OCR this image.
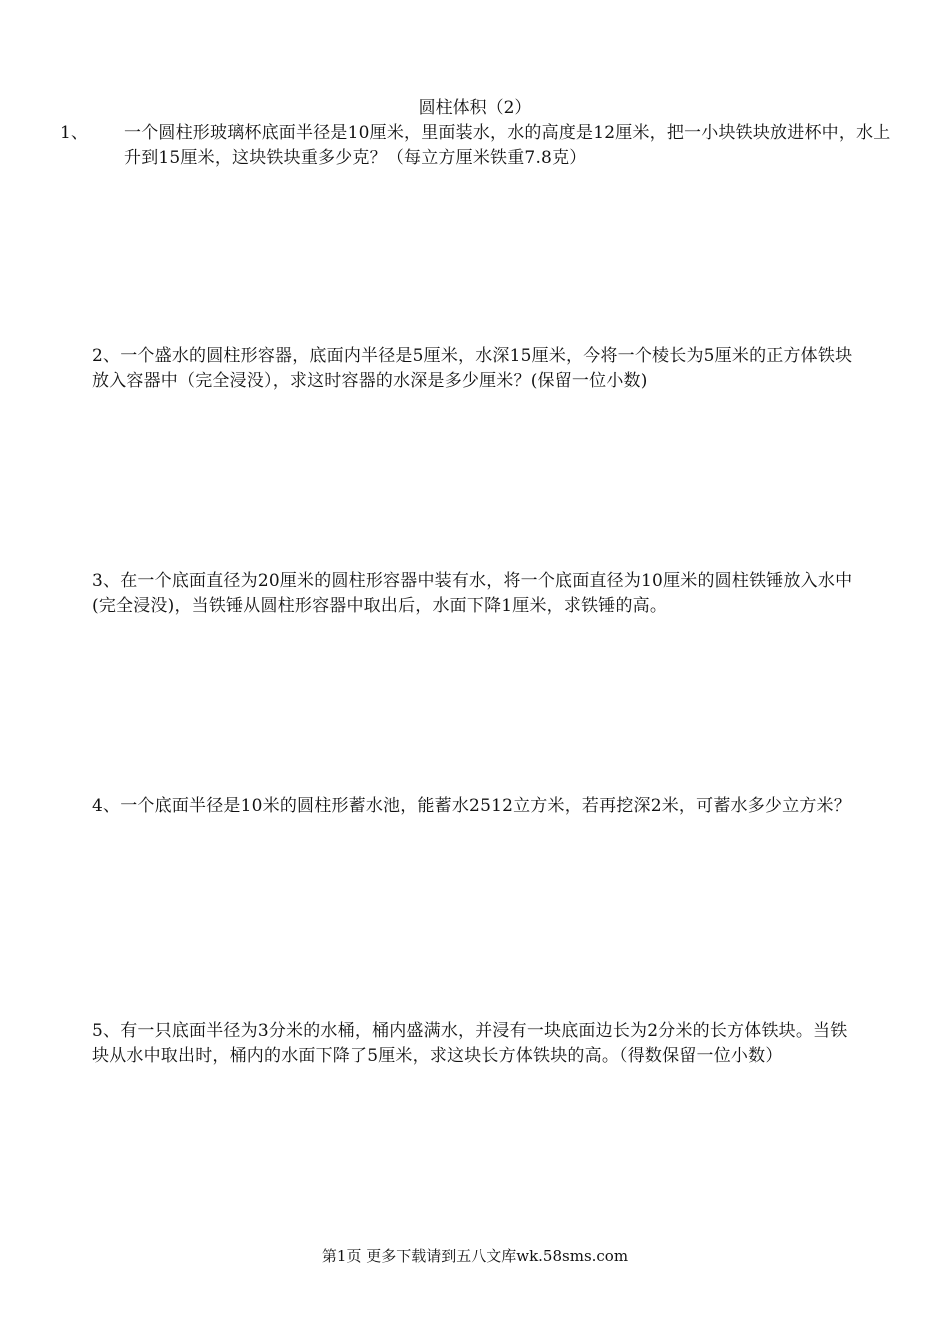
圆柱体积（2）
1、 一个圆柱形玻璃杯底面半径是10厘米，里面装水，水的高度是12厘米，把一小块铁块放进杯中，水上升到15厘米，这块铁块重多少克？（每立方厘米铁重7.8克）
2、一个盛水的圆柱形容器，底面内半径是5厘米，水深15厘米，今将一个棱长为5厘米的正方体铁块放入容器中（完全浸没），求这时容器的水深是多少厘米？(保留一位小数)
3、在一个底面直径为20厘米的圆柱形容器中装有水，将一个底面直径为10厘米的圆柱铁锤放入水中(完全浸没)，当铁锤从圆柱形容器中取出后，水面下降1厘米，求铁锤的高。
4、一个底面半径是10米的圆柱形蓄水池，能蓄水2512立方米，若再挖深2米，可蓄水多少立方米？
5、有一只底面半径为3分米的水桶，桶内盛满水，并浸有一块底面边长为2分米的长方体铁块。当铁块从水中取出时，桶内的水面下降了5厘米，求这块长方体铁块的高。（得数保留一位小数）
第1页 更多下载请到五八文库wk.58sms.com
